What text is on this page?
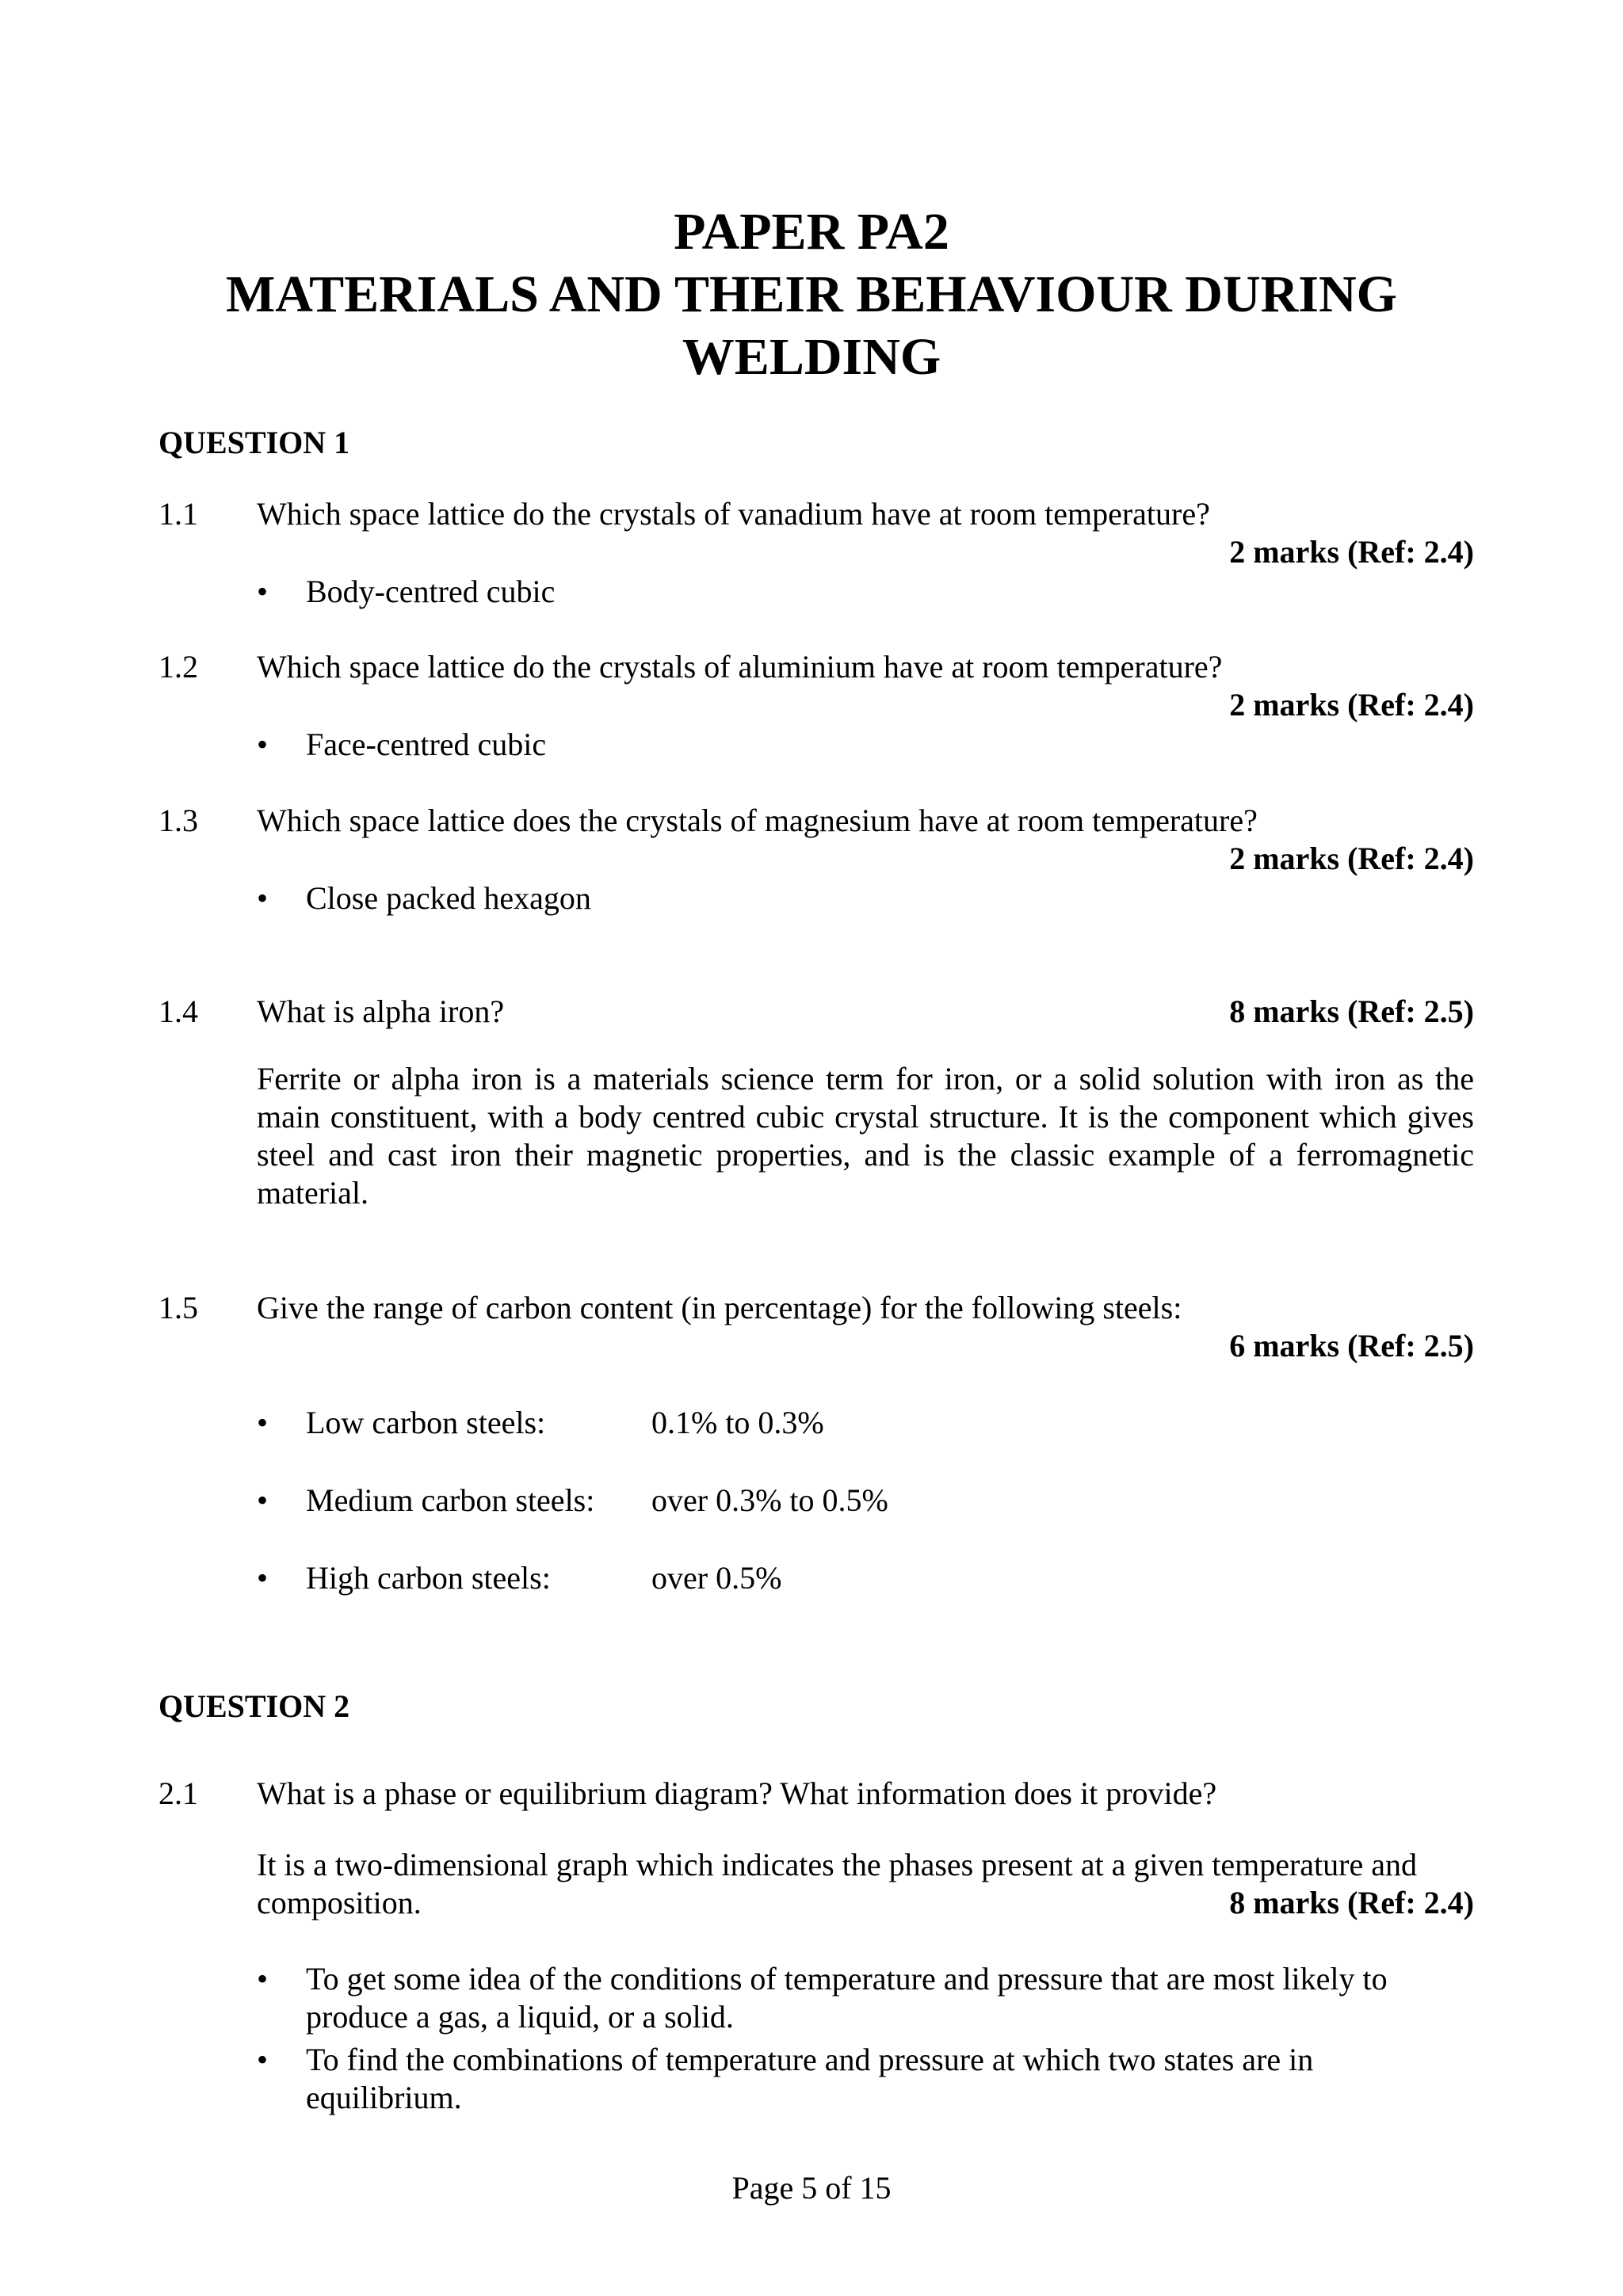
PAPER PA2
MATERIALS AND THEIR BEHAVIOUR DURING
WELDING
QUESTION 1
1.1 Which space lattice do the crystals of vanadium have at room temperature?
2 marks (Ref: 2.4)
• Body-centred cubic
1.2 Which space lattice do the crystals of aluminium have at room temperature?
2 marks (Ref: 2.4)
• Face-centred cubic
1.3 Which space lattice does the crystals of magnesium have at room temperature?
2 marks (Ref: 2.4)
• Close packed hexagon
1.4 What is alpha iron?	8 marks (Ref: 2.5)
Ferrite or alpha iron is a materials science term for iron, or a solid solution with iron as the main constituent, with a body centred cubic crystal structure. It is the component which gives steel and cast iron their magnetic properties, and is the classic example of a ferromagnetic material.
1.5 Give the range of carbon content (in percentage) for the following steels:
6 marks (Ref: 2.5)
• Low carbon steels:	0.1% to 0.3%
• Medium carbon steels: over 0.3% to 0.5%
• High carbon steels:	over 0.5%
QUESTION 2
2.1 What is a phase or equilibrium diagram? What information does it provide?
It is a two-dimensional graph which indicates the phases present at a given temperature and
composition.	8 marks (Ref: 2.4)
• To get some idea of the conditions of temperature and pressure that are most likely to
produce a gas, a liquid, or a solid.
• To find the combinations of temperature and pressure at which two states are in
equilibrium.
Page 5 of 15
